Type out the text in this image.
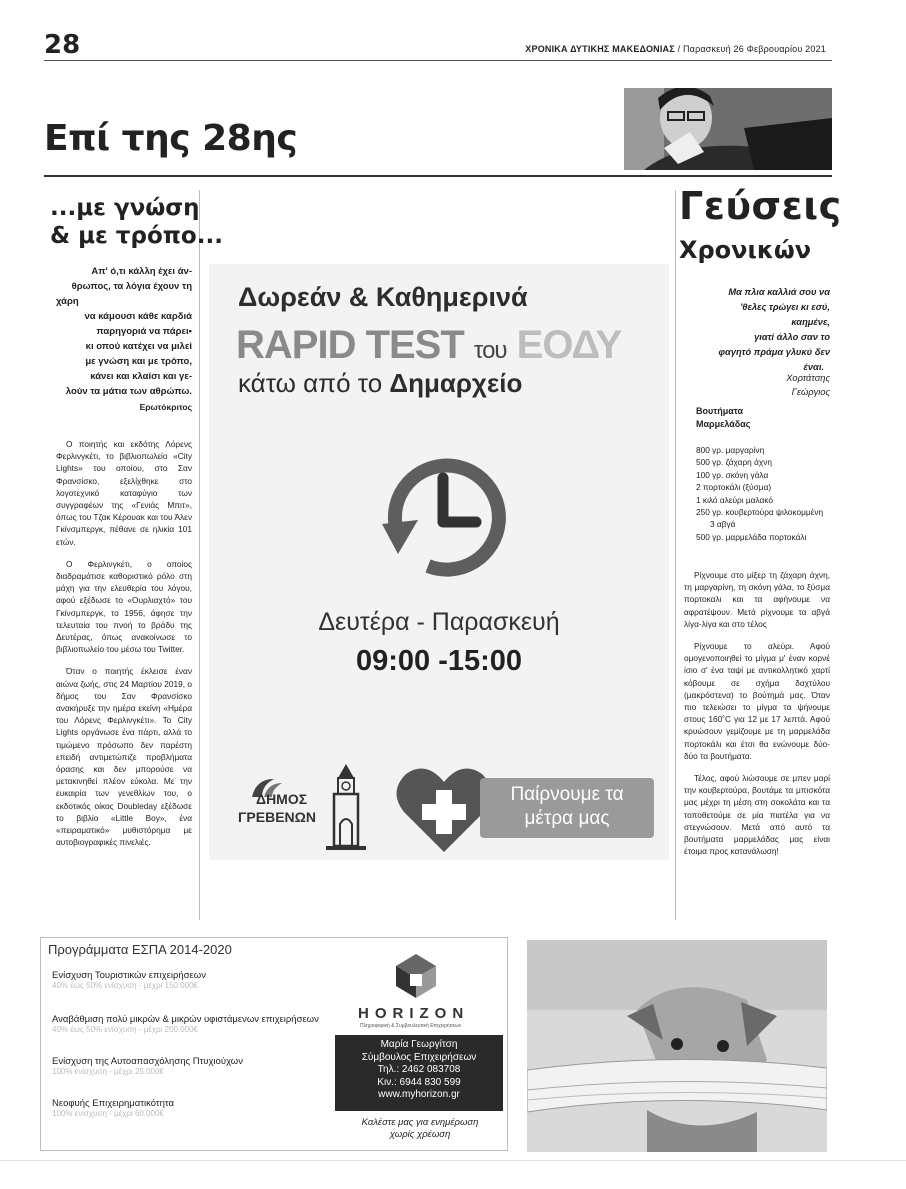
28	ΧΡΟΝΙΚΑ ΔΥΤΙΚΗΣ ΜΑΚΕΔΟΝΙΑΣ / Παρασκευή 26 Φεβρουαρίου 2021
Επί της 28ης
...με γνώση
& με τρόπο...
Απ' ό,τι κάλλη έχει άν-
θρωπος, τα λόγια έχουν τη
χάρη
να κάμουσι κάθε καρδιά
παρηγοριά να πάρει•
κι οπού κατέχει να μιλεί
με γνώση και με τρόπο,
κάνει και κλαίσι και γε-
λούν τα μάτια των αθρώπω.
Ερωτόκριτος

Ο ποιητής και εκδότης Λόρενς Φερλινγκέτι, το βιβλιοπωλείο «City Lights» του οποίου, στο Σαν Φρανσίσκο, εξελίχθηκε στο λογοτεχνικό καταφύγιο των συγγραφέων της «Γενιάς Μπιτ», όπως του Τζακ Κέρουακ και του Άλεν Γκίνσμπεργκ, πέθανε σε ηλικία 101 ετών.

Ο Φερλινγκέτι, ο οποίος διαδραμάτισε καθοριστικό ρόλο στη μάχη για την ελευθερία του λόγου, αφού εξέδωσε το «Ουρλιαχτό» του Γκίνσμπεργκ, το 1956, άφησε την τελευταία του πνοή το βράδυ της Δευτέρας, όπως ανακοίνωσε το βιβλιοπωλείο του μέσω του Twitter.

Όταν ο ποιητής έκλεισε έναν αιώνα ζωής, στις 24 Μαρτίου 2019, ο δήμος του Σαν Φρανσίσκο ανακήρυξε την ημέρα εκείνη «Ημέρα του Λόρενς Φερλινγκέτι». Το City Lights οργάνωσε ένα πάρτι, αλλά το τιμώμενο πρόσωπο δεν παρέστη επειδή αντιμετώπιζε προβλήματα όρασης και δεν μπορούσε να μετακινηθεί πλέον εύκολα. Με την ευκαιρία των γενεθλίων του, ο εκδοτικός οίκος Doubleday εξέδωσε το βιβλίο «Little Boy», ένα «πειραματικό» μυθιστόρημα με αυτοβιογραφικές πινελιές.

Δωρεάν & Καθημερινά
RAPID TEST του ΕΟΔΥ
κάτω από το Δημαρχείο
Δευτέρα - Παρασκευή
09:00 -15:00
ΔΗΜΟΣ
ΓΡΕΒΕΝΩΝ
Παίρνουμε τα
μέτρα μας
Γεύσεις
Χρονικών
Μα πλια καλλιά σου να
'θελες τρώγει κι εσύ,
καημένε,
γιατί άλλο σαν το
φαγητό πράμα γλυκύ δεν
έναι.
Χορτάτσης
Γεώργιος
Βουτήματα
Μαρμελάδας
800 γρ. μαργαρίνη
500 γρ. ζάχαρη άχνη
100 γρ. σκόνη γάλα
2 πορτοκάλι (ξύσμα)
1 κιλό αλεύρι μαλακό
250 γρ. κουβερτούρα ψιλοκομμένη
3 αβγά
500 γρ. μαρμελάδα πορτοκάλι

Ρίχνουμε στο μίξερ τη ζάχαρη άχνη, τη μαργαρίνη, τη σκόνη γάλα, το ξύσμα πορτοκαλι και τα αφήνουμε να αφρατέψουν. Μετά ρίχνουμε τα αβγά λίγα-λίγα και στο τέλος

Ρίχνουμε το αλεύρι. Αφού ομογενοποιηθεί το μίγμα μ' έναν κορνέ ίσιο σ' ένα ταψί με αντικολλητικό χαρτί κόβουμε σε σχήμα δαχτύλου (μακρόστενα) το βούτημά μας. Όταν πιο τελειώσει το μίγμα τα ψήνουμε στους 160˚C για 12 με 17 λεπτά. Αφού κρυώσουν γεμίζουμε με τη μαρμελάδα πορτοκάλι και έτσι θα ενώνουμε δύο-δύο τα βουτήματα.

Τέλος, αφού λιώσουμε σε μπεν μαρί την κουβερτούρα, βουτάμε τα μπισκότα μας μέχρι τη μέση στη σοκολάτα και τα τοποθετούμε σε μία πιατέλα για να στεγνώσουν. Μετά από αυτό τα βουτήματα μαρμελάδας μας είναι έτοιμα προς κατανάλωση!

Προγράμματα ΕΣΠΑ 2014-2020
Ενίσχυση Τουριστικών επιχειρήσεων
40% έως 50% ενίσχυση - μέχρι 150.000€
Αναβάθμιση πολύ μικρών & μικρών υφιστάμενων επιχειρήσεων
40% έως 50% ενίσχυση - μέχρι 200.000€
Ενίσχυση της Αυτοαπασχόλησης Πτυχιούχων
100% ενίσχυση - μέχρι 25.000€
Νεοφυής Επιχειρηματικότητα
100% ενίσχυση - μέχρι 60.000€
HORIZON
Πληροφορική & Συμβουλευτική Επιχειρήσεων
Μαρία Γεωργίτση
Σύμβουλος Επιχειρήσεων
Τηλ.: 2462 083708
Κιν.: 6944 830 599
www.myhorizon.gr
Καλέστε μας για ενημέρωση
χωρίς χρέωση
